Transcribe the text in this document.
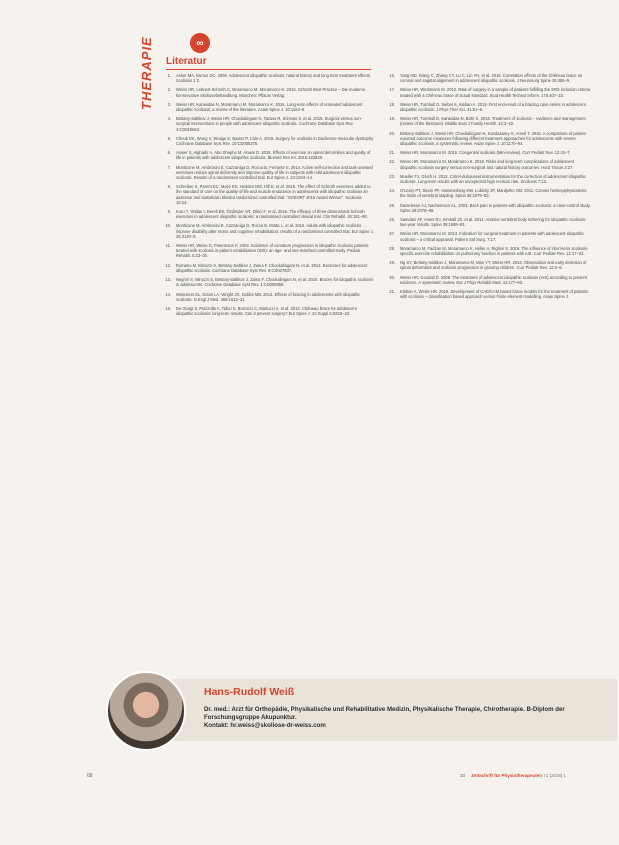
THERAPIE	∞
Literatur
1. Asher MA, Burton DC. 2006. Adolescent idiopathic scoliosis: natural history and long term treatment effects. Scoliosis 1:2.
2. Weiss HR, Lehnert-Schroth C, Moramarco M, Moramarco K. 2016. Schroth Best Practice – Die moderne konservative Skoliosebehandlung. München: Pflaum Verlag.
3. Weiss HR, Karavidas N, Moramarco M, Moramarco K. 2016. Long-term effects of untreated adolescent idiopathic scoliosis: a review of the literature. Asian Spine J. 10:1163–9.
4. Bettany-Saltikov J, Weiss HR, Chockalingam N, Taranu R, Srinivas S, et al. 2015. Surgical versus non-surgical interventions in people with adolescent idiopathic scoliosis. Cochrane Database Syst Rev. 4:CD010663.
5. Cheuk DK, Wong V, Wraige E, Baxter P, Cole A. 2015. Surgery for scoliosis in Duchenne muscular dystrophy. Cochrane Database Syst Rev. 10:CD005375.
6. Anwer S, Alghadir A, Abu Shaphe M, Anwar D. 2015. Effects of exercise on spinal deformities and quality of life in patients with adolescent idiopathic scoliosis. Biomed Res Int. 2015:123848.
7. Monticone M, Ambrosini E, Cazzaniga D, Rocca B, Ferrante S. 2014. Active self-correction and task-oriented exercises reduce spinal deformity and improve quality of life in subjects with mild adolescent idiopathic scoliosis. Results of a randomised controlled trial. Eur Spine J. 23:1204–14.
8. Schreiber S, Parent EC, Moez EK, Hedden DM, Hill D, et al. 2015. The effect of Schroth exercises added to the standard of care on the quality of life and muscle endurance in adolescents with idiopathic scoliosis an assessor and statistician blinded randomized controlled trial: "SOSORT 2015 Award Winner". Scoliosis 10:24.
9. Kuru T, Yeldan I, Dereli EE, Özdinçler AR, Dikici F, et al. 2016. The efficacy of three-dimensional Schroth exercises in adolescent idiopathic scoliosis: a randomised controlled clinical trial. Clin Rehabil. 30:181–90.
10. Monticone M, Ambrosini E, Cazzaniga D, Rocca B, Motta L, et al. 2016. Adults with idiopathic scoliosis improve disability after motor and cognitive rehabilitation: results of a randomised controlled trial. Eur Spine J. 25:3120–9.
11. Weiss HR, Weiss G, Petermann F. 2003. Incidence of curvature progression in idiopathic scoliosis patients treated with scoliosis in-patient rehabilitation (SIR): an age- and sex-matched controlled study. Pediatr Rehabil. 6:23–30.
12. Romano M, Minozzi S, Bettany-Saltikov J, Zaina F, Chockalingam N, et al. 2012. Exercises for adolescent idiopathic scoliosis. Cochrane Database Syst Rev. 8:CD007837.
13. Negrini S, Minozzi S, Bettany-Saltikov J, Zaina F, Chockalingam N, et al. 2010. Braces for idiopathic scoliosis in adolescents. Cochrane Database Syst Rev. 1:CD006850.
14. Weinstein SL, Dolan LA, Wright JG, Dobbs MB. 2013. Effects of bracing in adolescents with idiopathic scoliosis. N Engl J Med. 369:1512–21.
15. De Giorgi S, Piazzolla A, Tafuri S, Borracci C, Martucci A, et al. 2013. Chêneau brace for adolescent idiopathic scoliosis: long-term results. Can it prevent surgery? Eur Spine J. 22 Suppl 6:S815–22.
16. Yang MD, Wang C, Zhang CY, Lu C, Lin YH, et al. 2016. Correlation effects of the Chêneau brace on coronal and sagittal alignment in adolescent idiopathic scoliosis. J Neurosurg Spine 25:455–9.
17. Weiss HR, Werkmann M. 2012. Rate of surgery in a sample of patients fulfilling the SRS inclusion criteria treated with a Chêneau brace of actual standard. Stud Health Technol Inform. 176:407–10.
18. Weiss HR, Turnbull D, Seibel S, Kleban A. 2019. First end-result of a bracing case series in adolescent idiopathic scoliosis. J Phys Ther Sci. 31:51–6.
19. Weiss HR, Turnbull D, Karavidas N, Bohr S. 2016. Treatment of scoliosis – evidence and management (review of the literature). Middle East J Family Health. 14:3–22.
20. Bettany-Saltikov J, Weiss HR, Chockalingam N, Kandasamy G, Arnell T. 2016. A comparison of patient-reported outcome measures following different treatment approaches for adolescents with severe idiopathic scoliosis: a systematic review. Asian Spine J. 10:1170–94.
21. Weiss HR, Moramarco M. 2016. Congenital scoliosis (Mini-review). Curr Pediatr Rev. 12:43–7.
22. Weiss HR, Moramarco M, Moramarco K. 2016. Risks and long-term complications of adolescent idiopathic scoliosis surgery versus non-surgical and natural history outcomes. Hard Tissue 2:27.
23. Mueller FJ, Gluch H. 2012. Cotrel-dubousset instrumentation for the correction of adolescent idiopathic scoliosis. Long-term results with an unexpected high revision rate. Scoliosis 7:13.
24. O'Leary PT, Sturm PF, Hammerberg KW, Lubicky JP, Mardjetko SM. 2011. Convex hemiepiphysiodesis: the limits of vertebral stapling. Spine 36:1579–83.
25. Danielsson AJ, Nachemson AL. 2003. Back pain in patients with idiopathic scoliosis: a case-control study. Spine 28:2078–85.
26. Samdani AF, Ames RJ, Kimball JS, et al. 2014. Anterior vertebral body tethering for idiopathic scoliosis: two-year results. Spine 39:1688–93.
27. Weiss HR, Moramarco M. 2013. Indication for surgical treatment in patients with adolescent idiopathic scoliosis – a critical appraisal. Patient Saf Surg. 7:17.
28. Moramarco M, Fadzan M, Moramarco K, Heller A, Righini S. 2016. The influence of short-term scoliosis-specific exercise rehabilitation on pulmonary function in patients with AIS. Curr Pediatr Rev. 12:17–23.
29. Ng SY, Bettany-Saltikov J, Moramarco M, Man YT, Weiss HR. 2016. Observation and early detection of spinal deformities and scoliosis progression in growing children. Curr Pediatr Rev. 12:2–6.
30. Weiss HR, Goodall D. 2008. The treatment of adolescent idiopathic scoliosis (AIS) according to present evidence. A systematic review. Eur J Phys Rehabil Med. 44:177–93.
31. Kleban A, Weiss HR. 2019. Development of CAD/CAM based brace models for the treatment of patients with scoliosis – classification based approach versus Finite element modelling. Asian Spine J.
Hans-Rudolf Weiß
Dr. med.: Arzt für Orthopädie, Physikalische und Rehabilitative Medizin, Physikalische Therapie, Chirotherapie. B-Diplom der Forschungsgruppe Akupunktur.
Kontakt: hr.weiss@skoliose-dr-weiss.com
68	20 Zeitschrift für Physiotherapeuten 71 [2019] 1
